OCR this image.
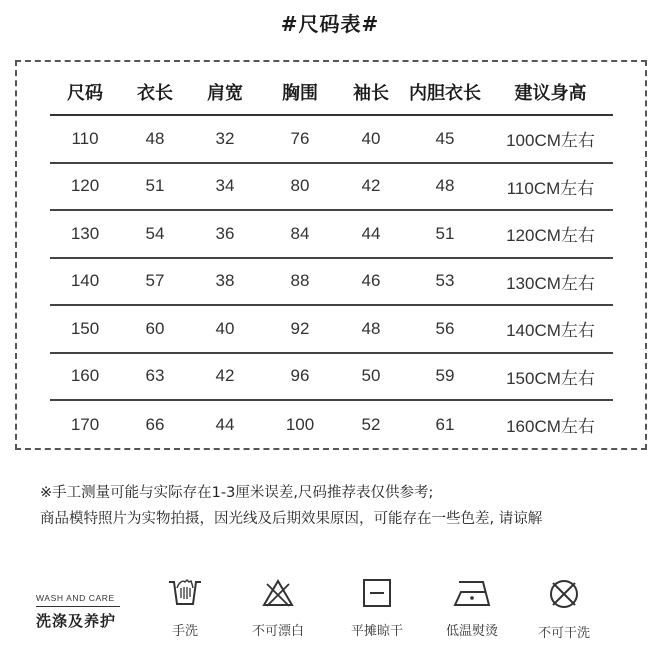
#尺码表#
尺码	衣长	肩宽	胸围	袖长	内胆衣长	建议身高
110	48	32	76	40	45	100CM左右
120	51	34	80	42	48	110CM左右
130	54	36	84	44	51	120CM左右
140	57	38	88	46	53	130CM左右
150	60	40	92	48	56	140CM左右
160	63	42	96	50	59	150CM左右
170	66	44	100	52	61	160CM左右
※手工测量可能与实际存在1-3厘米误差,尺码推荐表仅供参考;
商品模特照片为实物拍摄，因光线及后期效果原因，可能存在一些色差, 请谅解
WASH AND CARE
洗涤及养护
手洗	不可漂白	平摊晾干	低温熨烫	不可干洗
